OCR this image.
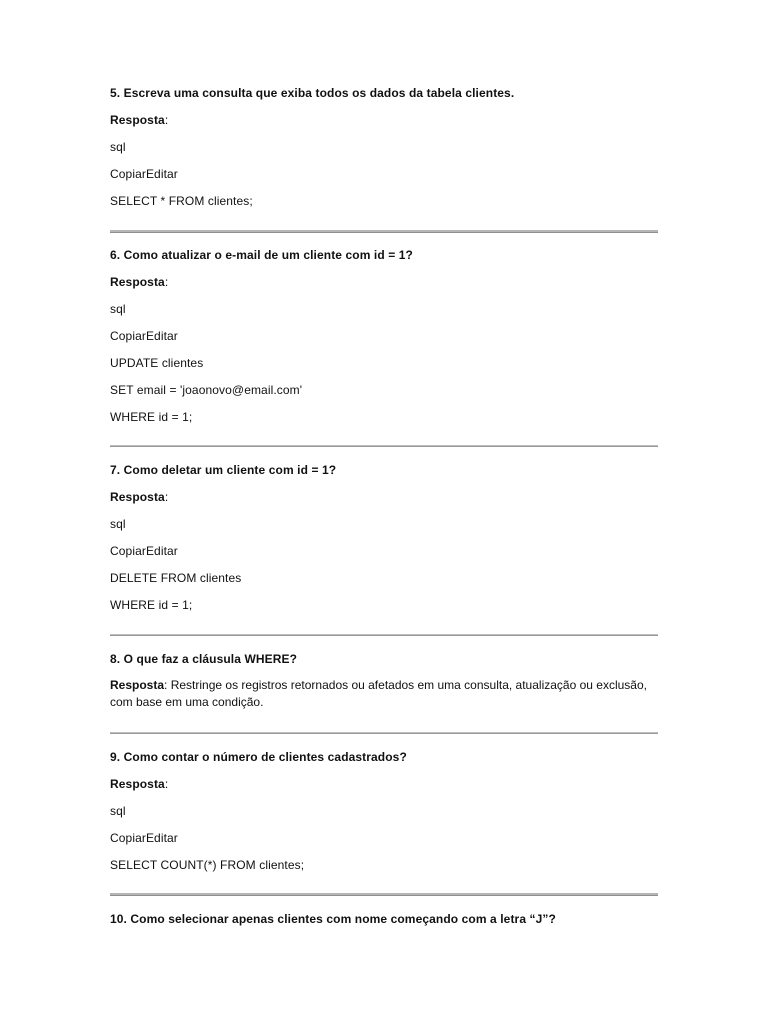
5. Escreva uma consulta que exiba todos os dados da tabela clientes.
Resposta:
sql
CopiarEditar
SELECT * FROM clientes;
6. Como atualizar o e-mail de um cliente com id = 1?
Resposta:
sql
CopiarEditar
UPDATE clientes
SET email = 'joaonovo@email.com'
WHERE id = 1;
7. Como deletar um cliente com id = 1?
Resposta:
sql
CopiarEditar
DELETE FROM clientes
WHERE id = 1;
8. O que faz a cláusula WHERE?
Resposta: Restringe os registros retornados ou afetados em uma consulta, atualização ou exclusão, com base em uma condição.
9. Como contar o número de clientes cadastrados?
Resposta:
sql
CopiarEditar
SELECT COUNT(*) FROM clientes;
10. Como selecionar apenas clientes com nome começando com a letra “J”?
